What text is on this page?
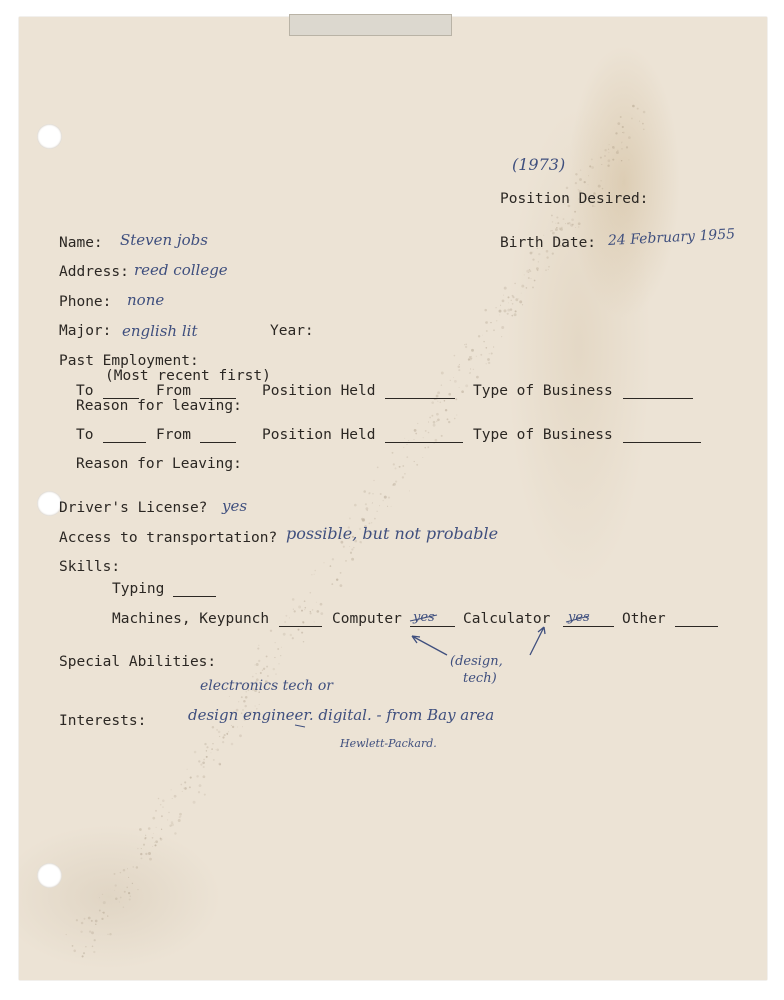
(1973)
Position Desired:
Name: Steven jobs	Birth Date: 24 February 1955
Address: reed college
Phone: none
Major: english lit	Year:
Past Employment:
(Most recent first)
To	From	Position Held	Type of Business
Reason for leaving:
To	From	Position Held	Type of Business
Reason for Leaving:
Driver's License? yes
Access to transportation? possible, but not probable
Skills:
Typing
Machines, Keypunch	Computer yes Calculator yes Other
(design,
tech)
Special Abilities:
electronics tech or
Interests:	design engineer. digital. - from Bay area
Hewlett-Packard.
